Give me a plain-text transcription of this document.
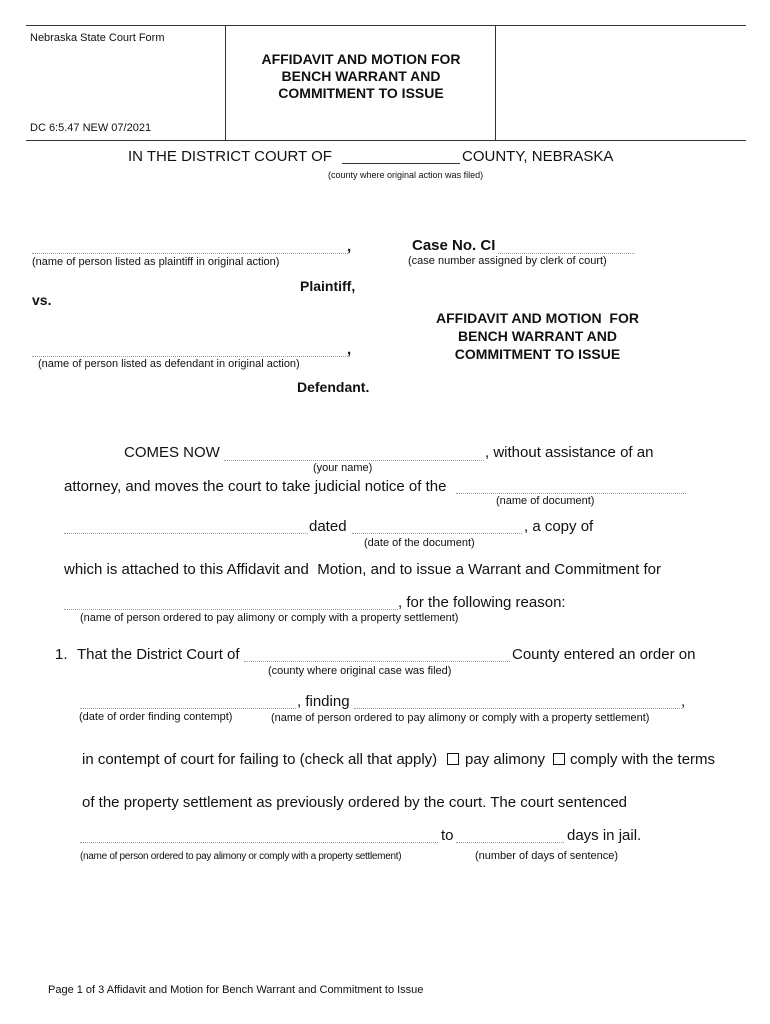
Nebraska State Court Form
DC 6:5.47 NEW 07/2021
AFFIDAVIT AND MOTION FOR
BENCH WARRANT AND
COMMITMENT TO ISSUE
IN THE DISTRICT COURT OF	COUNTY, NEBRASKA
(county where original action was filed)
,
(name of person listed as plaintiff in original action)
Plaintiff,
Case No. CI
(case number assigned by clerk of court)
vs.
AFFIDAVIT AND MOTION  FOR
BENCH WARRANT AND
COMMITMENT TO ISSUE
,
(name of person listed as defendant in original action)
Defendant.
COMES NOW	, without assistance of an
(your name)
attorney, and moves the court to take judicial notice of the
(name of document)
dated	, a copy of
(date of the document)
which is attached to this Affidavit and  Motion, and to issue a Warrant and Commitment for
, for the following reason:
(name of person ordered to pay alimony or comply with a property settlement)
1. That the District Court of	County entered an order on
(county where original case was filed)
, finding	,
(date of order finding contempt)	(name of person ordered to pay alimony or comply with a property settlement)
in contempt of court for failing to (check all that apply) pay alimony comply with the terms
of the property settlement as previously ordered by the court. The court sentenced
to	days in jail.
(name of person ordered to pay alimony or comply with a property settlement)	(number of days of sentence)
Page 1 of 3 Affidavit and Motion for Bench Warrant and Commitment to Issue
